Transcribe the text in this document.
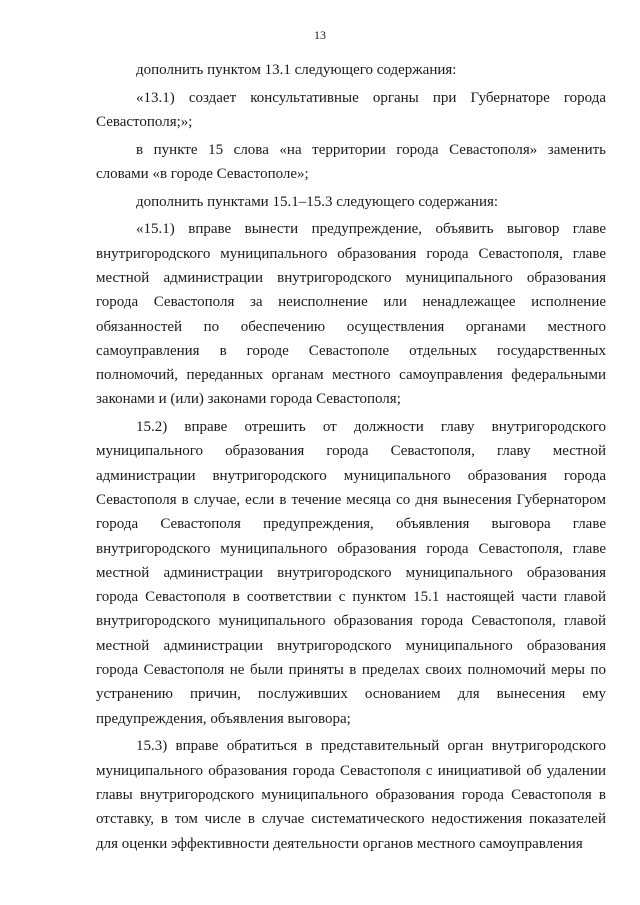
13

дополнить пунктом 13.1 следующего содержания:

«13.1) создает консультативные органы при Губернаторе города Севастополя;»;

в пункте 15 слова «на территории города Севастополя» заменить словами «в городе Севастополе»;

дополнить пунктами 15.1–15.3 следующего содержания:

«15.1) вправе вынести предупреждение, объявить выговор главе внутригородского муниципального образования города Севастополя, главе местной администрации внутригородского муниципального образования города Севастополя за неисполнение или ненадлежащее исполнение обязанностей по обеспечению осуществления органами местного самоуправления в городе Севастополе отдельных государственных полномочий, переданных органам местного самоуправления федеральными законами и (или) законами города Севастополя;

15.2) вправе отрешить от должности главу внутригородского муниципального образования города Севастополя, главу местной администрации внутригородского муниципального образования города Севастополя в случае, если в течение месяца со дня вынесения Губернатором города Севастополя предупреждения, объявления выговора главе внутригородского муниципального образования города Севастополя, главе местной администрации внутригородского муниципального образования города Севастополя в соответствии с пунктом 15.1 настоящей части главой внутригородского муниципального образования города Севастополя, главой местной администрации внутригородского муниципального образования города Севастополя не были приняты в пределах своих полномочий меры по устранению причин, послуживших основанием для вынесения ему предупреждения, объявления выговора;

15.3) вправе обратиться в представительный орган внутригородского муниципального образования города Севастополя с инициативой об удалении главы внутригородского муниципального образования города Севастополя в отставку, в том числе в случае систематического недостижения показателей для оценки эффективности деятельности органов местного самоуправления
